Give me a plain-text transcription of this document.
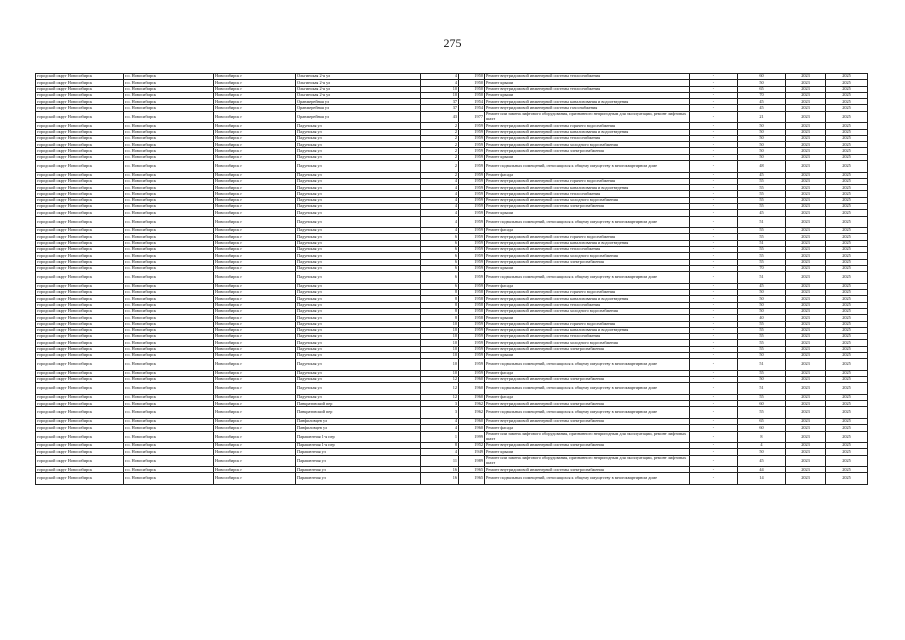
275
городской округ Новосибирск	г.о. Новосибирск	Новосибирск г	Ольгинская 2-я ул	4	1950	Ремонт внутридомовой инженерной системы теплоснабжения	-	60	2023	2025
городской округ Новосибирск	г.о. Новосибирск	Новосибирск г	Ольгинская 2-я ул	4	1950	Ремонт крыши	-	50	2023	2025
городской округ Новосибирск	г.о. Новосибирск	Новосибирск г	Ольгинская 2-я ул	10	1950	Ремонт внутридомовой инженерной системы теплоснабжения	-	65	2023	2025
городской округ Новосибирск	г.о. Новосибирск	Новосибирск г	Ольгинская 2-я ул	10	1950	Ремонт крыши	-	70	2023	2025
городской округ Новосибирск	г.о. Новосибирск	Новосибирск г	Оранжерейная ул	37	1954	Ремонт внутридомовой инженерной системы канализования и водоотведения	-	45	2023	2025
городской округ Новосибирск	г.о. Новосибирск	Новосибирск г	Оранжерейная ул	37	1954	Ремонт внутридомовой инженерной системы газоснабжения	-	45	2023	2025
городской округ Новосибирск	г.о. Новосибирск	Новосибирск г	Оранжерейная ул	43	1977	Ремонт или замена лифтового оборудования, признанного непригодным для эксплуатации, ремонт лифтовых шахт	-	21	2023	2025
городской округ Новосибирск	г.о. Новосибирск	Новосибирск г	Падунская ул	2	1959	Ремонт внутридомовой инженерной системы горячего водоснабжения	-	50	2023	2025
городской округ Новосибирск	г.о. Новосибирск	Новосибирск г	Падунская ул	2	1959	Ремонт внутридомовой инженерной системы канализования и водоотведения	-	50	2023	2025
городской округ Новосибирск	г.о. Новосибирск	Новосибирск г	Падунская ул	2	1959	Ремонт внутридомовой инженерной системы теплоснабжения	-	50	2023	2025
городской округ Новосибирск	г.о. Новосибирск	Новосибирск г	Падунская ул	2	1959	Ремонт внутридомовой инженерной системы холодного водоснабжения	-	50	2023	2025
городской округ Новосибирск	г.о. Новосибирск	Новосибирск г	Падунская ул	2	1959	Ремонт внутридомовой инженерной системы электроснабжения	-	50	2023	2025
городской округ Новосибирск	г.о. Новосибирск	Новосибирск г	Падунская ул	2	1959	Ремонт крыши	-	50	2023	2025
городской округ Новосибирск	г.о. Новосибирск	Новосибирск г	Падунская ул	2	1959	Ремонт подвальных помещений, относящихся к общему имуществу в многоквартирном доме	-	48	2023	2025
городской округ Новосибирск	г.о. Новосибирск	Новосибирск г	Падунская ул	2	1959	Ремонт фасада	-	45	2023	2025
городской округ Новосибирск	г.о. Новосибирск	Новосибирск г	Падунская ул	4	1959	Ремонт внутридомовой инженерной системы горячего водоснабжения	-	55	2023	2025
городской округ Новосибирск	г.о. Новосибирск	Новосибирск г	Падунская ул	4	1959	Ремонт внутридомовой инженерной системы канализования и водоотведения	-	55	2023	2025
городской округ Новосибирск	г.о. Новосибирск	Новосибирск г	Падунская ул	4	1959	Ремонт внутридомовой инженерной системы теплоснабжения	-	55	2023	2025
городской округ Новосибирск	г.о. Новосибирск	Новосибирск г	Падунская ул	4	1959	Ремонт внутридомовой инженерной системы холодного водоснабжения	-	55	2023	2025
городской округ Новосибирск	г.о. Новосибирск	Новосибирск г	Падунская ул	4	1959	Ремонт внутридомовой инженерной системы электроснабжения	-	55	2023	2025
городской округ Новосибирск	г.о. Новосибирск	Новосибирск г	Падунская ул	4	1959	Ремонт крыши	-	45	2023	2025
городской округ Новосибирск	г.о. Новосибирск	Новосибирск г	Падунская ул	4	1959	Ремонт подвальных помещений, относящихся к общему имуществу в многоквартирном доме	-	51	2023	2025
городской округ Новосибирск	г.о. Новосибирск	Новосибирск г	Падунская ул	4	1959	Ремонт фасада	-	55	2023	2025
городской округ Новосибирск	г.о. Новосибирск	Новосибирск г	Падунская ул	6	1959	Ремонт внутридомовой инженерной системы горячего водоснабжения	-	55	2023	2025
городской округ Новосибирск	г.о. Новосибирск	Новосибирск г	Падунская ул	6	1959	Ремонт внутридомовой инженерной системы канализования и водоотведения	-	51	2023	2025
городской округ Новосибирск	г.о. Новосибирск	Новосибирск г	Падунская ул	6	1959	Ремонт внутридомовой инженерной системы теплоснабжения	-	55	2023	2025
городской округ Новосибирск	г.о. Новосибирск	Новосибирск г	Падунская ул	6	1959	Ремонт внутридомовой инженерной системы холодного водоснабжения	-	55	2023	2025
городской округ Новосибирск	г.о. Новосибирск	Новосибирск г	Падунская ул	6	1959	Ремонт внутридомовой инженерной системы электроснабжения	-	55	2023	2025
городской округ Новосибирск	г.о. Новосибирск	Новосибирск г	Падунская ул	6	1959	Ремонт крыши	-	70	2023	2025
городской округ Новосибирск	г.о. Новосибирск	Новосибирск г	Падунская ул	6	1959	Ремонт подвальных помещений, относящихся к общему имуществу в многоквартирном доме	-	51	2023	2025
городской округ Новосибирск	г.о. Новосибирск	Новосибирск г	Падунская ул	6	1959	Ремонт фасада	-	45	2023	2025
городской округ Новосибирск	г.о. Новосибирск	Новосибирск г	Падунская ул	8	1958	Ремонт внутридомовой инженерной системы горячего водоснабжения	-	50	2023	2025
городской округ Новосибирск	г.о. Новосибирск	Новосибирск г	Падунская ул	8	1958	Ремонт внутридомовой инженерной системы канализования и водоотведения	-	50	2023	2025
городской округ Новосибирск	г.о. Новосибирск	Новосибирск г	Падунская ул	8	1958	Ремонт внутридомовой инженерной системы теплоснабжения	-	50	2023	2025
городской округ Новосибирск	г.о. Новосибирск	Новосибирск г	Падунская ул	8	1958	Ремонт внутридомовой инженерной системы холодного водоснабжения	-	50	2023	2025
городской округ Новосибирск	г.о. Новосибирск	Новосибирск г	Падунская ул	8	1958	Ремонт крыши	-	40	2023	2025
городской округ Новосибирск	г.о. Новосибирск	Новосибирск г	Падунская ул	10	1959	Ремонт внутридомовой инженерной системы горячего водоснабжения	-	55	2023	2025
городской округ Новосибирск	г.о. Новосибирск	Новосибирск г	Падунская ул	10	1959	Ремонт внутридомовой инженерной системы канализования и водоотведения	-	55	2023	2025
городской округ Новосибирск	г.о. Новосибирск	Новосибирск г	Падунская ул	10	1959	Ремонт внутридомовой инженерной системы теплоснабжения	-	55	2023	2025
городской округ Новосибирск	г.о. Новосибирск	Новосибирск г	Падунская ул	10	1959	Ремонт внутридомовой инженерной системы холодного водоснабжения	-	55	2023	2025
городской округ Новосибирск	г.о. Новосибирск	Новосибирск г	Падунская ул	10	1959	Ремонт внутридомовой инженерной системы электроснабжения	-	55	2023	2025
городской округ Новосибирск	г.о. Новосибирск	Новосибирск г	Падунская ул	10	1959	Ремонт крыши	-	50	2023	2025
городской округ Новосибирск	г.о. Новосибирск	Новосибирск г	Падунская ул	10	1959	Ремонт подвальных помещений, относящихся к общему имуществу в многоквартирном доме	-	51	2023	2025
городской округ Новосибирск	г.о. Новосибирск	Новосибирск г	Падунская ул	10	1959	Ремонт фасада	-	55	2023	2025
городской округ Новосибирск	г.о. Новосибирск	Новосибирск г	Падунская ул	12	1960	Ремонт внутридомовой инженерной системы электроснабжения	-	50	2023	2025
городской округ Новосибирск	г.о. Новосибирск	Новосибирск г	Падунская ул	12	1960	Ремонт подвальных помещений, относящихся к общему имуществу в многоквартирном доме	-	51	2023	2025
городской округ Новосибирск	г.о. Новосибирск	Новосибирск г	Падунская ул	12	1960	Ремонт фасада	-	55	2023	2025
городской округ Новосибирск	г.о. Новосибирск	Новосибирск г	Панкратовский пер	3	1962	Ремонт внутридомовой инженерной системы электроснабжения	-	60	2023	2025
городской округ Новосибирск	г.о. Новосибирск	Новосибирск г	Панкратовский пер	3	1962	Ремонт подвальных помещений, относящихся к общему имуществу в многоквартирном доме	-	55	2023	2025
городской округ Новосибирск	г.о. Новосибирск	Новосибирск г	Панфиловцев ул	4	1960	Ремонт внутридомовой инженерной системы электроснабжения	-	65	2023	2025
городской округ Новосибирск	г.о. Новосибирск	Новосибирск г	Панфиловцев ул	4	1960	Ремонт фасада	-	60	2023	2025
городской округ Новосибирск	г.о. Новосибирск	Новосибирск г	Парашютная 1-я пер	1	1999	Ремонт или замена лифтового оборудования, признанного непригодным для эксплуатации, ремонт лифтовых шахт	-	8	2023	2025
городской округ Новосибирск	г.о. Новосибирск	Новосибирск г	Парашютная 1-я пер	8	1952	Ремонт внутридомовой инженерной системы электроснабжения	-	4	2023	2025
городской округ Новосибирск	г.о. Новосибирск	Новосибирск г	Парашютная ул	4	1949	Ремонт крыши	-	50	2023	2025
городской округ Новосибирск	г.о. Новосибирск	Новосибирск г	Парашютная ул	11	1989	Ремонт или замена лифтового оборудования, признанного непригодным для эксплуатации, ремонт лифтовых шахт	-	45	2023	2025
городской округ Новосибирск	г.о. Новосибирск	Новосибирск г	Парашютная ул	16	1965	Ремонт внутридомовой инженерной системы электроснабжения	-	44	2023	2025
городской округ Новосибирск	г.о. Новосибирск	Новосибирск г	Парашютная ул	16	1965	Ремонт подвальных помещений, относящихся к общему имуществу в многоквартирном доме	-	14	2023	2025
